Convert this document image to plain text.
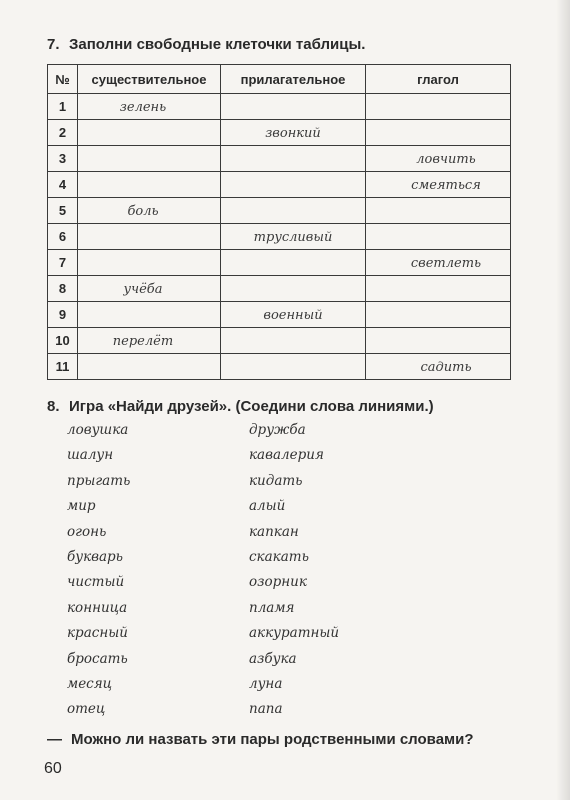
7. Заполни свободные клеточки таблицы.
№	существительное	прилагательное	глагол
1	зелень		
2		звонкий	
3			ловчить
4			смеяться
5	боль		
6		трусливый	
7			светлеть
8	учёба		
9		военный	
10	перелёт		
11			садить
8. Игра «Найди друзей». (Соедини слова линиями.)
ловушка
шалун
прыгать
мир
огонь
букварь
чистый
конница
красный
бросать
месяц
отец
дружба
кавалерия
кидать
алый
капкан
скакать
озорник
пламя
аккуратный
азбука
луна
папа
— Можно ли назвать эти пары родственными словами?
60
